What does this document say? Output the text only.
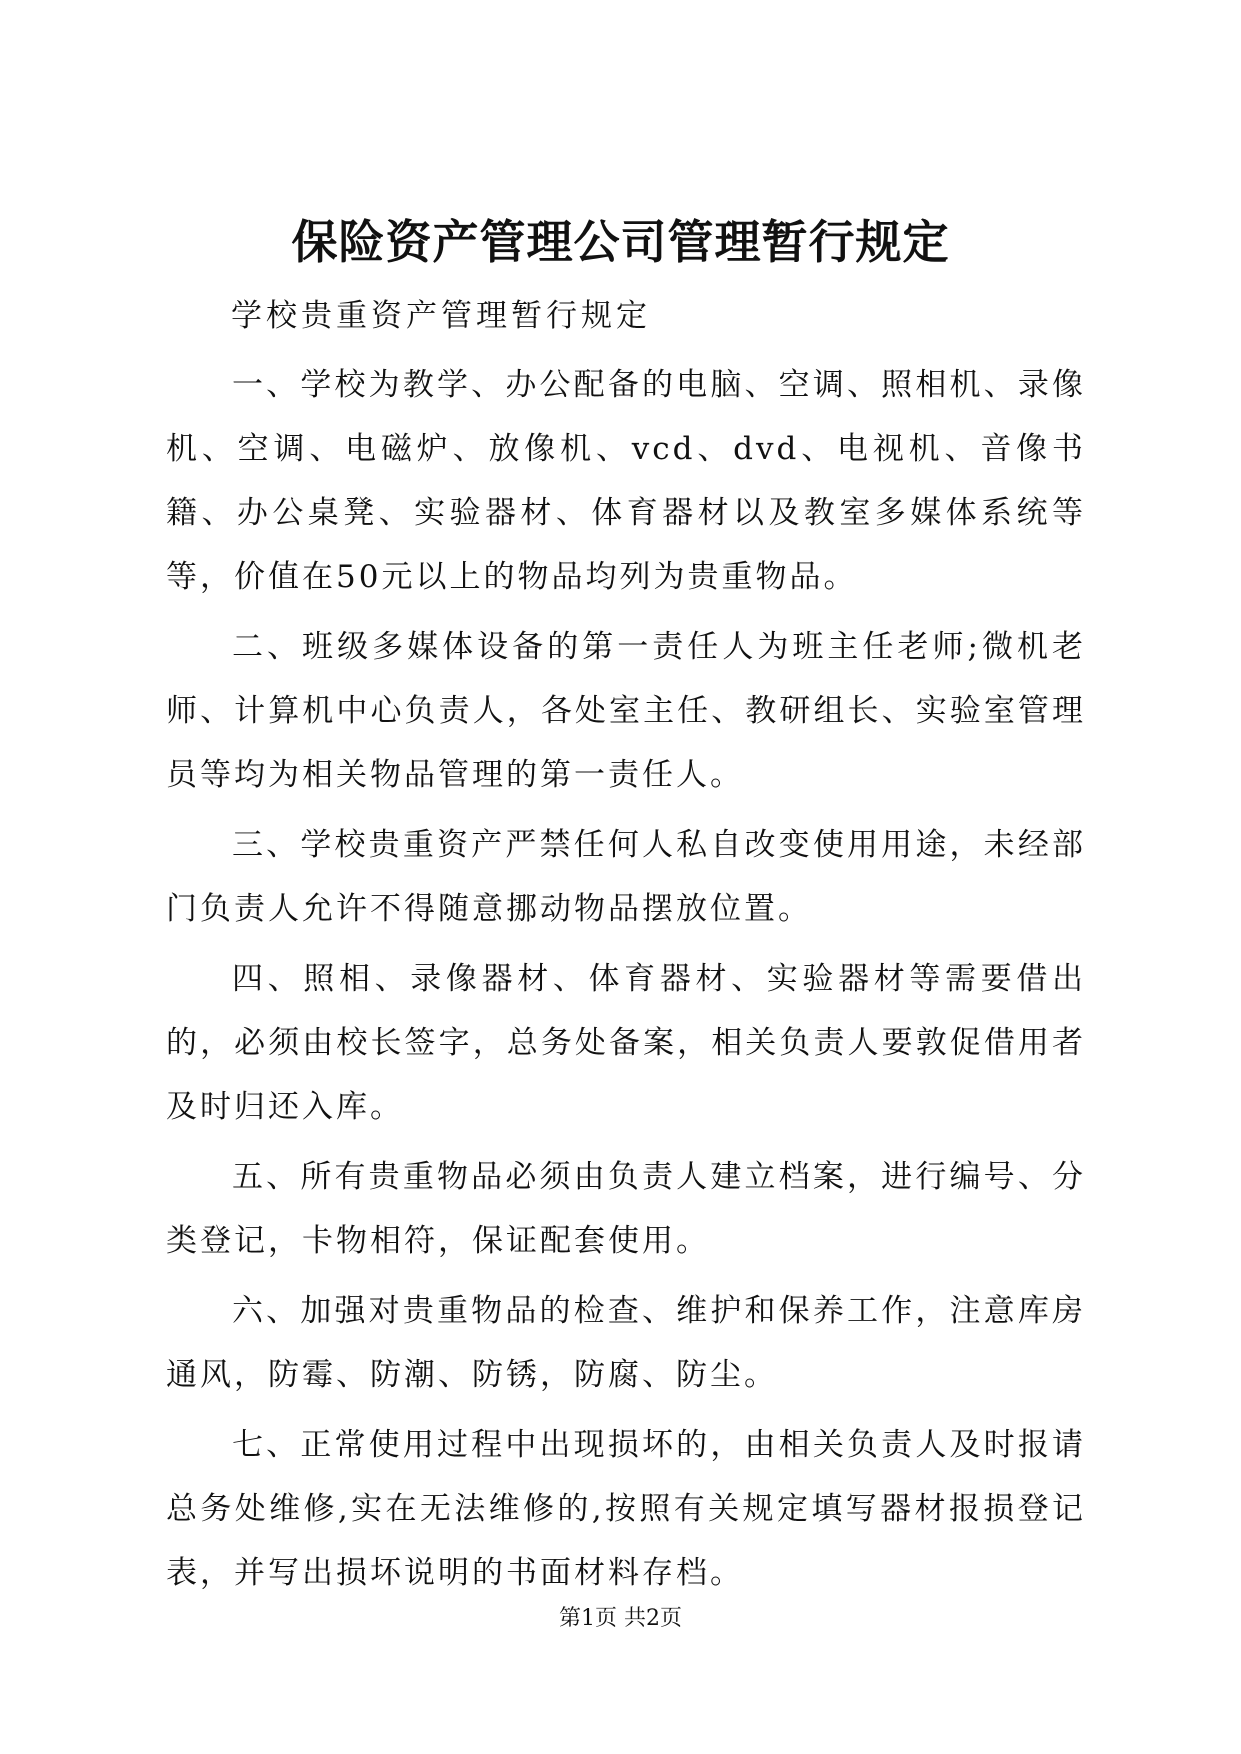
保险资产管理公司管理暂行规定
学校贵重资产管理暂行规定

一、学校为教学、办公配备的电脑、空调、照相机、录像机、空调、电磁炉、放像机、vcd、dvd、电视机、音像书籍、办公桌凳、实验器材、体育器材以及教室多媒体系统等等，价值在50元以上的物品均列为贵重物品。

二、班级多媒体设备的第一责任人为班主任老师;微机老师、计算机中心负责人，各处室主任、教研组长、实验室管理员等均为相关物品管理的第一责任人。

三、学校贵重资产严禁任何人私自改变使用用途，未经部门负责人允许不得随意挪动物品摆放位置。

四、照相、录像器材、体育器材、实验器材等需要借出的，必须由校长签字，总务处备案，相关负责人要敦促借用者及时归还入库。

五、所有贵重物品必须由负责人建立档案，进行编号、分类登记，卡物相符，保证配套使用。

六、加强对贵重物品的检查、维护和保养工作，注意库房通风，防霉、防潮、防锈，防腐、防尘。

七、正常使用过程中出现损坏的，由相关负责人及时报请总务处维修,实在无法维修的,按照有关规定填写器材报损登记表，并写出损坏说明的书面材料存档。

第1页 共2页
